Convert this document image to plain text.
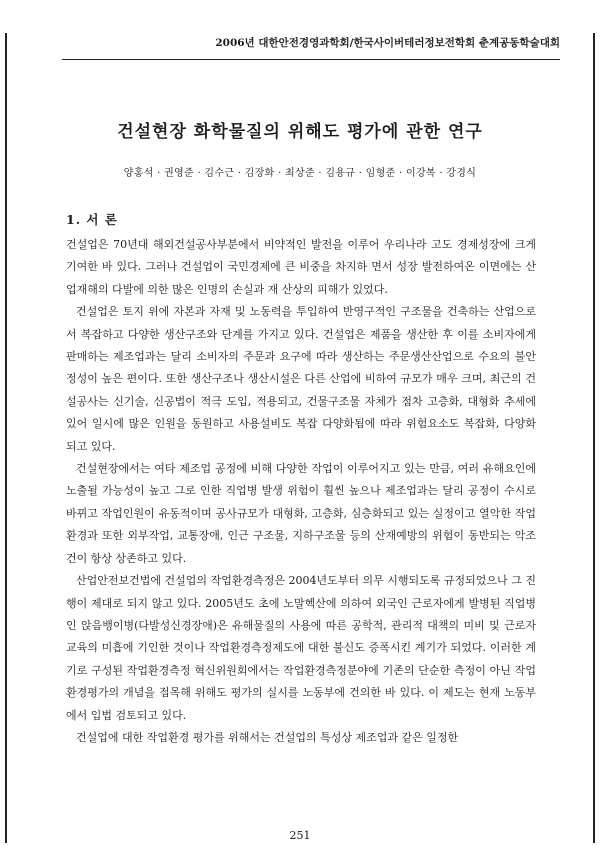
2006년 대한안전경영과학회/한국사이버테러정보전학회 춘계공동학술대회
건설현장 화학물질의 위해도 평가에 관한 연구
양홍석 · 권영준 · 김수근 · 김장화 · 최상준 · 김용규 · 임형준 · 이강복 · 강경식
1. 서 론

건설업은 70년대 해외건설공사부분에서 비약적인 발전을 이루어 우리나라 고도 경제성장에 크게 기여한 바 있다. 그러나 건설업이 국민경제에 큰 비중을 차지하 면서 성장 발전하여온 이면에는 산업재해의 다발에 의한 많은 인명의 손실과 재 산상의 피해가 있었다.

건설업은 토지 위에 자본과 자재 및 노동력을 투입하여 반영구적인 구조물을 건축하는 산업으로서 복잡하고 다양한 생산구조와 단계를 가지고 있다. 건설업은 제품을 생산한 후 이를 소비자에게 판매하는 제조업과는 달리 소비자의 주문과 요구에 따라 생산하는 주문생산산업으로 수요의 불안정성이 높은 편이다. 또한 생산구조나 생산시설은 다른 산업에 비하여 규모가 매우 크며, 최근의 건설공사는 신기술, 신공법이 적극 도입, 적용되고, 건물구조물 자체가 점차 고층화, 대형화 추세에 있어 일시에 많은 인원을 동원하고 사용설비도 복잡 다양화됨에 따라 위험요소도 복잡화, 다양화 되고 있다.

건설현장에서는 여타 제조업 공정에 비해 다양한 작업이 이루어지고 있는 만큼, 여러 유해요인에 노출될 가능성이 높고 그로 인한 직업병 발생 위험이 훨씬 높으나 제조업과는 달리 공정이 수시로 바뀌고 작업인원이 유동적이며 공사규모가 대형화, 고층화, 심층화되고 있는 실정이고 열악한 작업환경과 또한 외부작업, 교통장애, 인근 구조물, 지하구조물 등의 산재예방의 위험이 동반되는 악조건이 항상 상존하고 있다.

산업안전보건법에 건설업의 작업환경측정은 2004년도부터 의무 시행되도록 규정되었으나 그 진행이 제대로 되지 않고 있다. 2005년도 초에 노말헥산에 의하여 외국인 근로자에게 발병된 직업병인 앉음뱅이병(다발성신경장애)은 유해물질의 사용에 따른 공학적, 관리적 대책의 미비 및 근로자 교육의 미흡에 기인한 것이나 작업환경측정제도에 대한 불신도 증폭시킨 계기가 되었다. 이러한 계기로 구성된 작업환경측정 혁신위원회에서는 작업환경측정분야에 기존의 단순한 측정이 아닌 작업환경평가의 개념을 접목해 위해도 평가의 실시를 노동부에 건의한 바 있다. 이 제도는 현재 노동부에서 입법 검토되고 있다.

건설업에 대한 작업환경 평가를 위해서는 건설업의 특성상 제조업과 같은 일정한

251
